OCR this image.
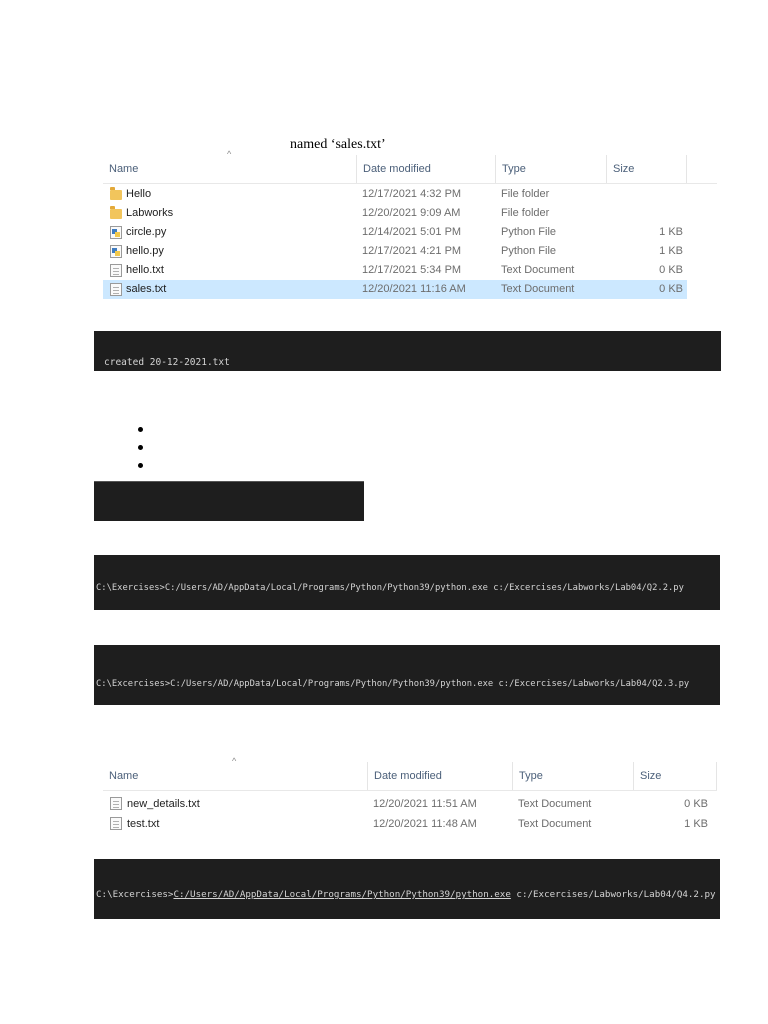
named ‘sales.txt’
^
Name	Date modified	Type	Size
Hello	12/17/2021 4:32 PM	File folder
Labworks	12/20/2021 9:09 AM	File folder
circle.py	12/14/2021 5:01 PM	Python File	1 KB
hello.py	12/17/2021 4:21 PM	Python File	1 KB
hello.txt	12/17/2021 5:34 PM	Text Document	0 KB
sales.txt	12/20/2021 11:16 AM	Text Document	0 KB

created 20-12-2021.txt

C:\Exercises>C:/Users/AD/AppData/Local/Programs/Python/Python39/python.exe c:/Excercises/Labworks/Lab04/Q2.2.py

C:\Excercises>C:/Users/AD/AppData/Local/Programs/Python/Python39/python.exe c:/Excercises/Labworks/Lab04/Q2.3.py

^
Name	Date modified	Type	Size
new_details.txt	12/20/2021 11:51 AM	Text Document	0 KB
test.txt	12/20/2021 11:48 AM	Text Document	1 KB

C:\Excercises>C:/Users/AD/AppData/Local/Programs/Python/Python39/python.exe c:/Excercises/Labworks/Lab04/Q4.2.py
